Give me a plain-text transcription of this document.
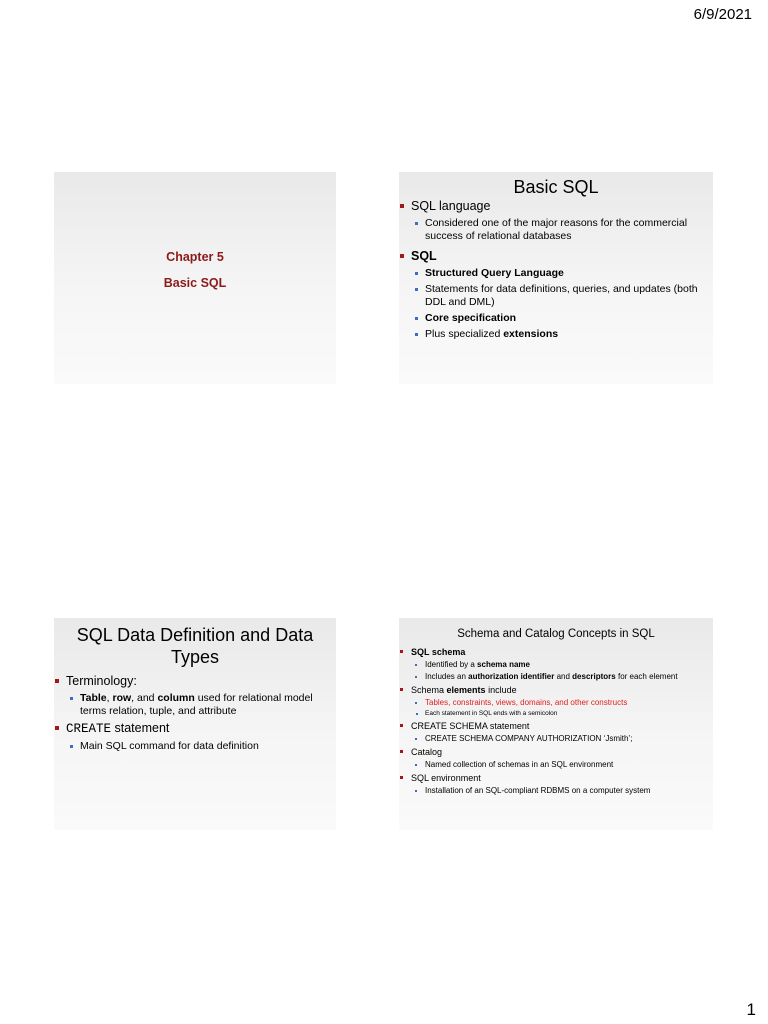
6/9/2021
Chapter 5
Basic SQL
Basic SQL
SQL language
Considered one of the major reasons for the commercial success of relational databases
SQL
Structured Query Language
Statements for data definitions, queries, and updates (both DDL and DML)
Core specification
Plus specialized extensions
SQL Data Definition and Data Types
Terminology:
Table, row, and column used for relational model terms relation, tuple, and attribute
CREATE statement
Main SQL command for data definition
Schema and Catalog Concepts in SQL
SQL schema
Identified by a schema name
Includes an authorization identifier and descriptors for each element
Schema elements include
Tables, constraints, views, domains, and other constructs
Each statement in SQL ends with a semicolon
CREATE SCHEMA statement
CREATE SCHEMA COMPANY AUTHORIZATION ‘Jsmith’;
Catalog
Named collection of schemas in an SQL environment
SQL environment
Installation of an SQL-compliant RDBMS on a computer system
1
